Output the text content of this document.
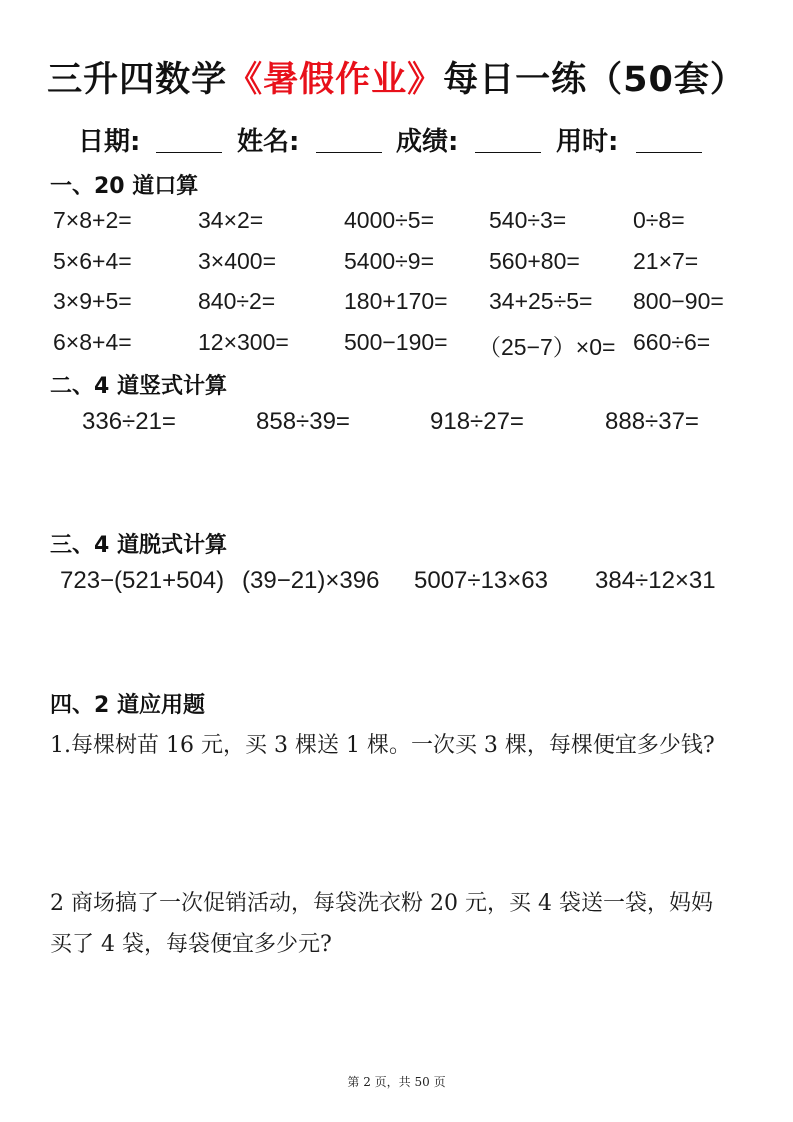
三升四数学《暑假作业》每日一练（50套）
日期:	姓名:	成绩:	用时:
一、20 道口算
7×8+2=	34×2=	4000÷5= 540÷3=	0÷8=
5×6+4=	3×400=	5400÷9= 560+80= 21×7=
3×9+5=	840÷2=	180+170= 34+25÷5= 800−90=
6×8+4=	12×300= 500−190= （25−7）×0= 660÷6=
二、4 道竖式计算
336÷21=	858÷39=	918÷27=	888÷37=
三、4 道脱式计算
723−(521+504) (39−21)×396 5007÷13×63 384÷12×31
四、2 道应用题
1.每棵树苗 16 元，买 3 棵送 1 棵。一次买 3 棵，每棵便宜多少钱?
2 商场搞了一次促销活动，每袋洗衣粉 20 元，买 4 袋送一袋，妈妈
买了 4 袋，每袋便宜多少元?
第 2 页，共 50 页
